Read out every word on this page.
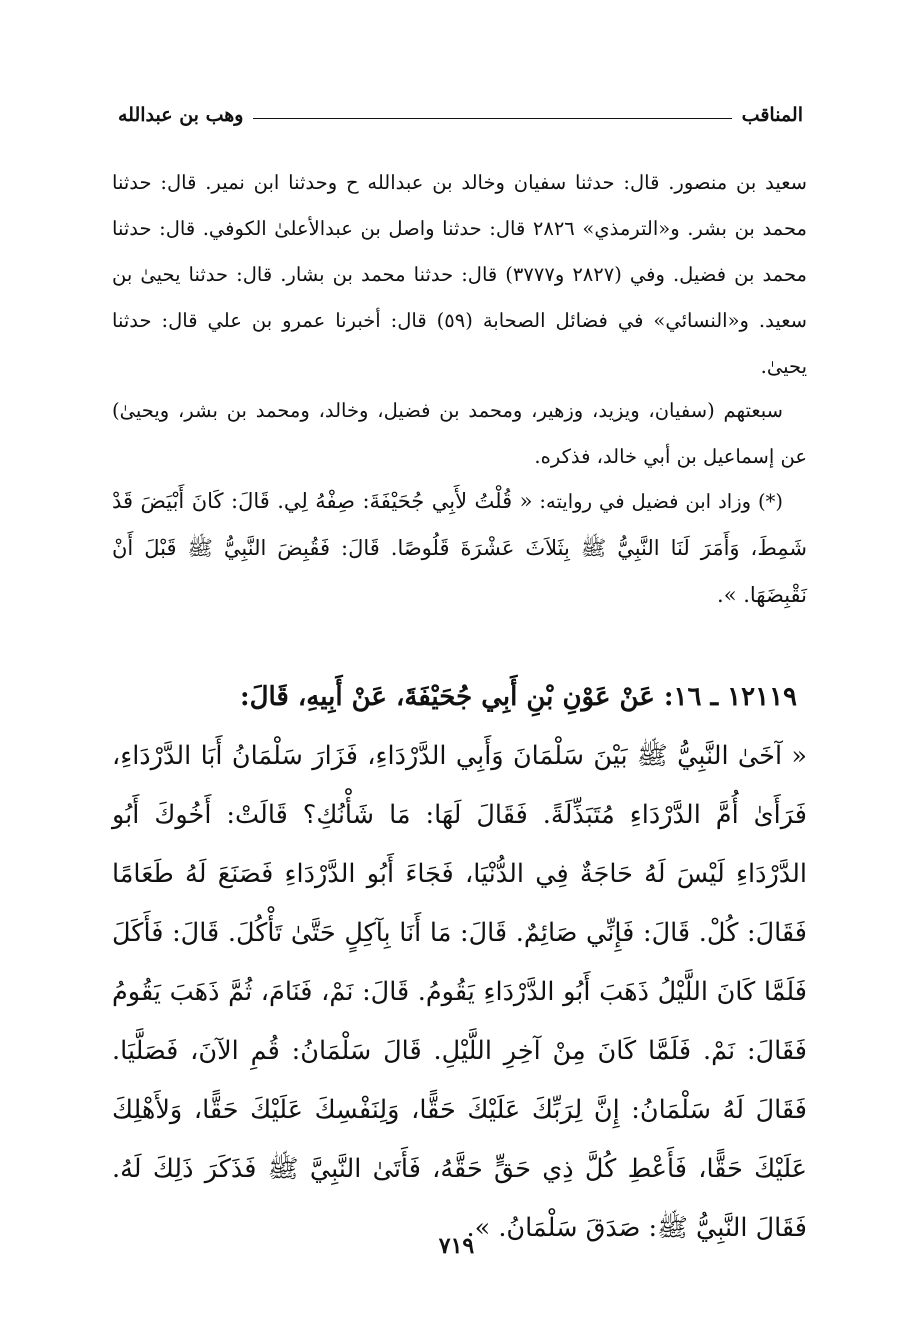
المناقب
وهب بن عبدالله

سعيد بن منصور. قال: حدثنا سفيان وخالد بن عبدالله ح وحدثنا ابن نمير. قال: حدثنا محمد بن بشر. و«الترمذي» ٢٨٢٦ قال: حدثنا واصل بن عبدالأعلىٰ الكوفي. قال: حدثنا محمد بن فضيل. وفي (٢٨٢٧ و٣٧٧٧) قال: حدثنا محمد بن بشار. قال: حدثنا يحيىٰ بن سعيد. و«النسائي» في فضائل الصحابة (٥٩) قال: أخبرنا عمرو بن علي قال: حدثنا يحيىٰ.

سبعتهم (سفيان، ويزيد، وزهير، ومحمد بن فضيل، وخالد، ومحمد بن بشر، ويحيىٰ) عن إسماعيل بن أبي خالد، فذكره.

(*) وزاد ابن فضيل في روايته: « قُلْتُ لأَبِي جُحَيْفَةَ: صِفْهُ لِي. قَالَ: كَانَ أَبْيَضَ قَدْ شَمِطَ، وَأَمَرَ لَنَا النَّبِيُّ ﷺ بِثَلاَثَ عَشْرَةَ قَلُوصًا. قَالَ: فَقُبِضَ النَّبِيُّ ﷺ قَبْلَ أَنْ نَقْبِضَهَا. ».

١٢١١٩ ـ ١٦: عَنْ عَوْنِ بْنِ أَبِي جُحَيْفَةَ، عَنْ أَبِيهِ، قَالَ:
« آخَىٰ النَّبِيُّ ﷺ بَيْنَ سَلْمَانَ وَأَبِي الدَّرْدَاءِ، فَزَارَ سَلْمَانُ أَبَا الدَّرْدَاءِ، فَرَأَىٰ أُمَّ الدَّرْدَاءِ مُتَبَذِّلَةً. فَقَالَ لَهَا: مَا شَأْنُكِ؟ قَالَتْ: أَخُوكَ أَبُو الدَّرْدَاءِ لَيْسَ لَهُ حَاجَةٌ فِي الدُّنْيَا، فَجَاءَ أَبُو الدَّرْدَاءِ فَصَنَعَ لَهُ طَعَامًا فَقَالَ: كُلْ. قَالَ: فَإِنِّي صَائِمٌ. قَالَ: مَا أَنَا بِآكِلٍ حَتَّىٰ تَأْكُلَ. قَالَ: فَأَكَلَ فَلَمَّا كَانَ اللَّيْلُ ذَهَبَ أَبُو الدَّرْدَاءِ يَقُومُ. قَالَ: نَمْ، فَنَامَ، ثُمَّ ذَهَبَ يَقُومُ فَقَالَ: نَمْ. فَلَمَّا كَانَ مِنْ آخِرِ اللَّيْلِ. قَالَ سَلْمَانُ: قُمِ الآنَ، فَصَلَّيَا. فَقَالَ لَهُ سَلْمَانُ: إِنَّ لِرَبِّكَ عَلَيْكَ حَقًّا، وَلِنَفْسِكَ عَلَيْكَ حَقًّا، وَلأَهْلِكَ عَلَيْكَ حَقًّا، فَأَعْطِ كُلَّ ذِي حَقٍّ حَقَّهُ، فَأَتَىٰ النَّبِيَّ ﷺ فَذَكَرَ ذَلِكَ لَهُ. فَقَالَ النَّبِيُّ ﷺ: صَدَقَ سَلْمَانُ. ».
٧١٩
